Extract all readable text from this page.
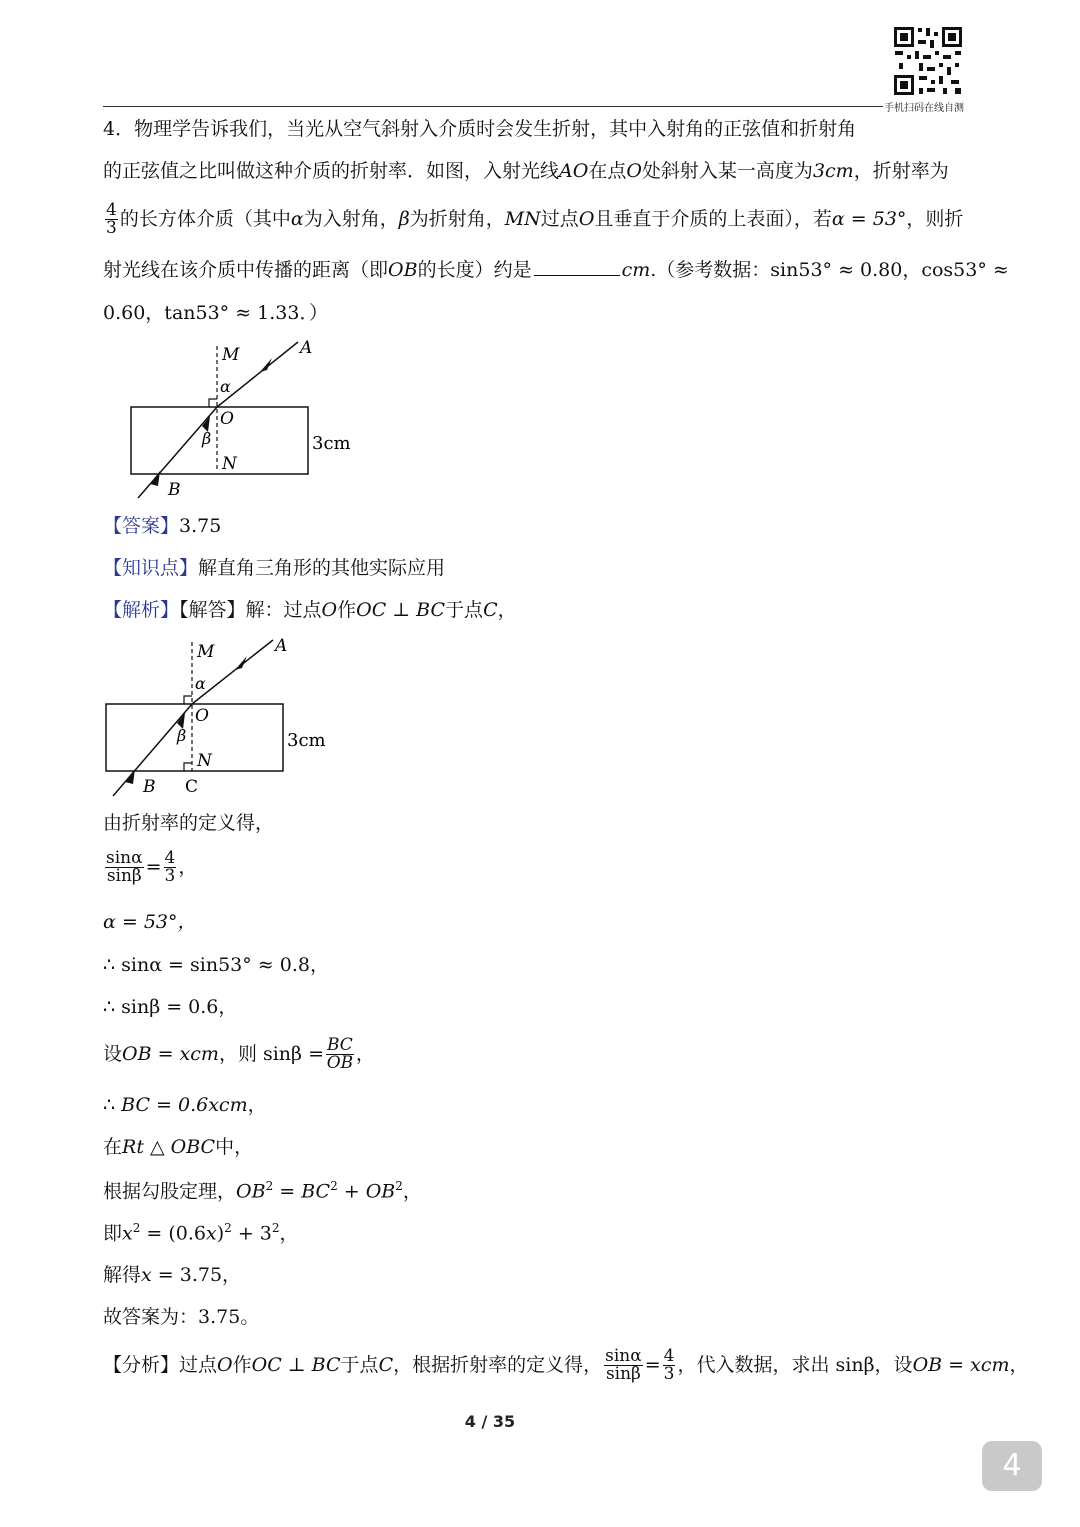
手机扫码在线自测
4．物理学告诉我们，当光从空气斜射入介质时会发生折射，其中入射角的正弦值和折射角
的正弦值之比叫做这种介质的折射率．如图，入射光线AO在点O处斜射入某一高度为3cm，折射率为
$\frac{4}{3}$ 的长方体介质（其中α为入射角，β为折射角，MN过点O且垂直于介质的上表面），若α = 53°，则折
射光线在该介质中传播的距离（即OB的长度）约是	cm.（参考数据：sin53° ≈ 0.80，cos53° ≈
0.60，tan53° ≈ 1.33．）
M	A
α
O
β
N
B
3cm
【答案】3.75
【知识点】解直角三角形的其他实际应用
【解析】【解答】解：过点O作OC ⊥ BC于点C，
M	A
α
O
β
N
B C
3cm
由折射率的定义得，
$\frac{\sin\alpha}{\sin\beta} = \frac{4}{3}$ ，
α = 53°，
∴ sinα = sin53° ≈ 0.8，
∴ sinβ = 0.6，
设OB = xcm，则 $\sin\beta = \frac{BC}{OB}$ ，
∴ BC = 0.6xcm，
在Rt △ OBC中，
根据勾股定理，$OB^2 = BC^2 + OB^2$，
即$x^2 = (0.6x)^2 + 3^2$，
解得x = 3.75，
故答案为：3.75。
【分析】过点O作OC ⊥ BC于点C，根据折射率的定义得， $\frac{\sin\alpha}{\sin\beta} = \frac{4}{3}$ ，代入数据，求出 sinβ，设OB = xcm，
4 / 35
4
